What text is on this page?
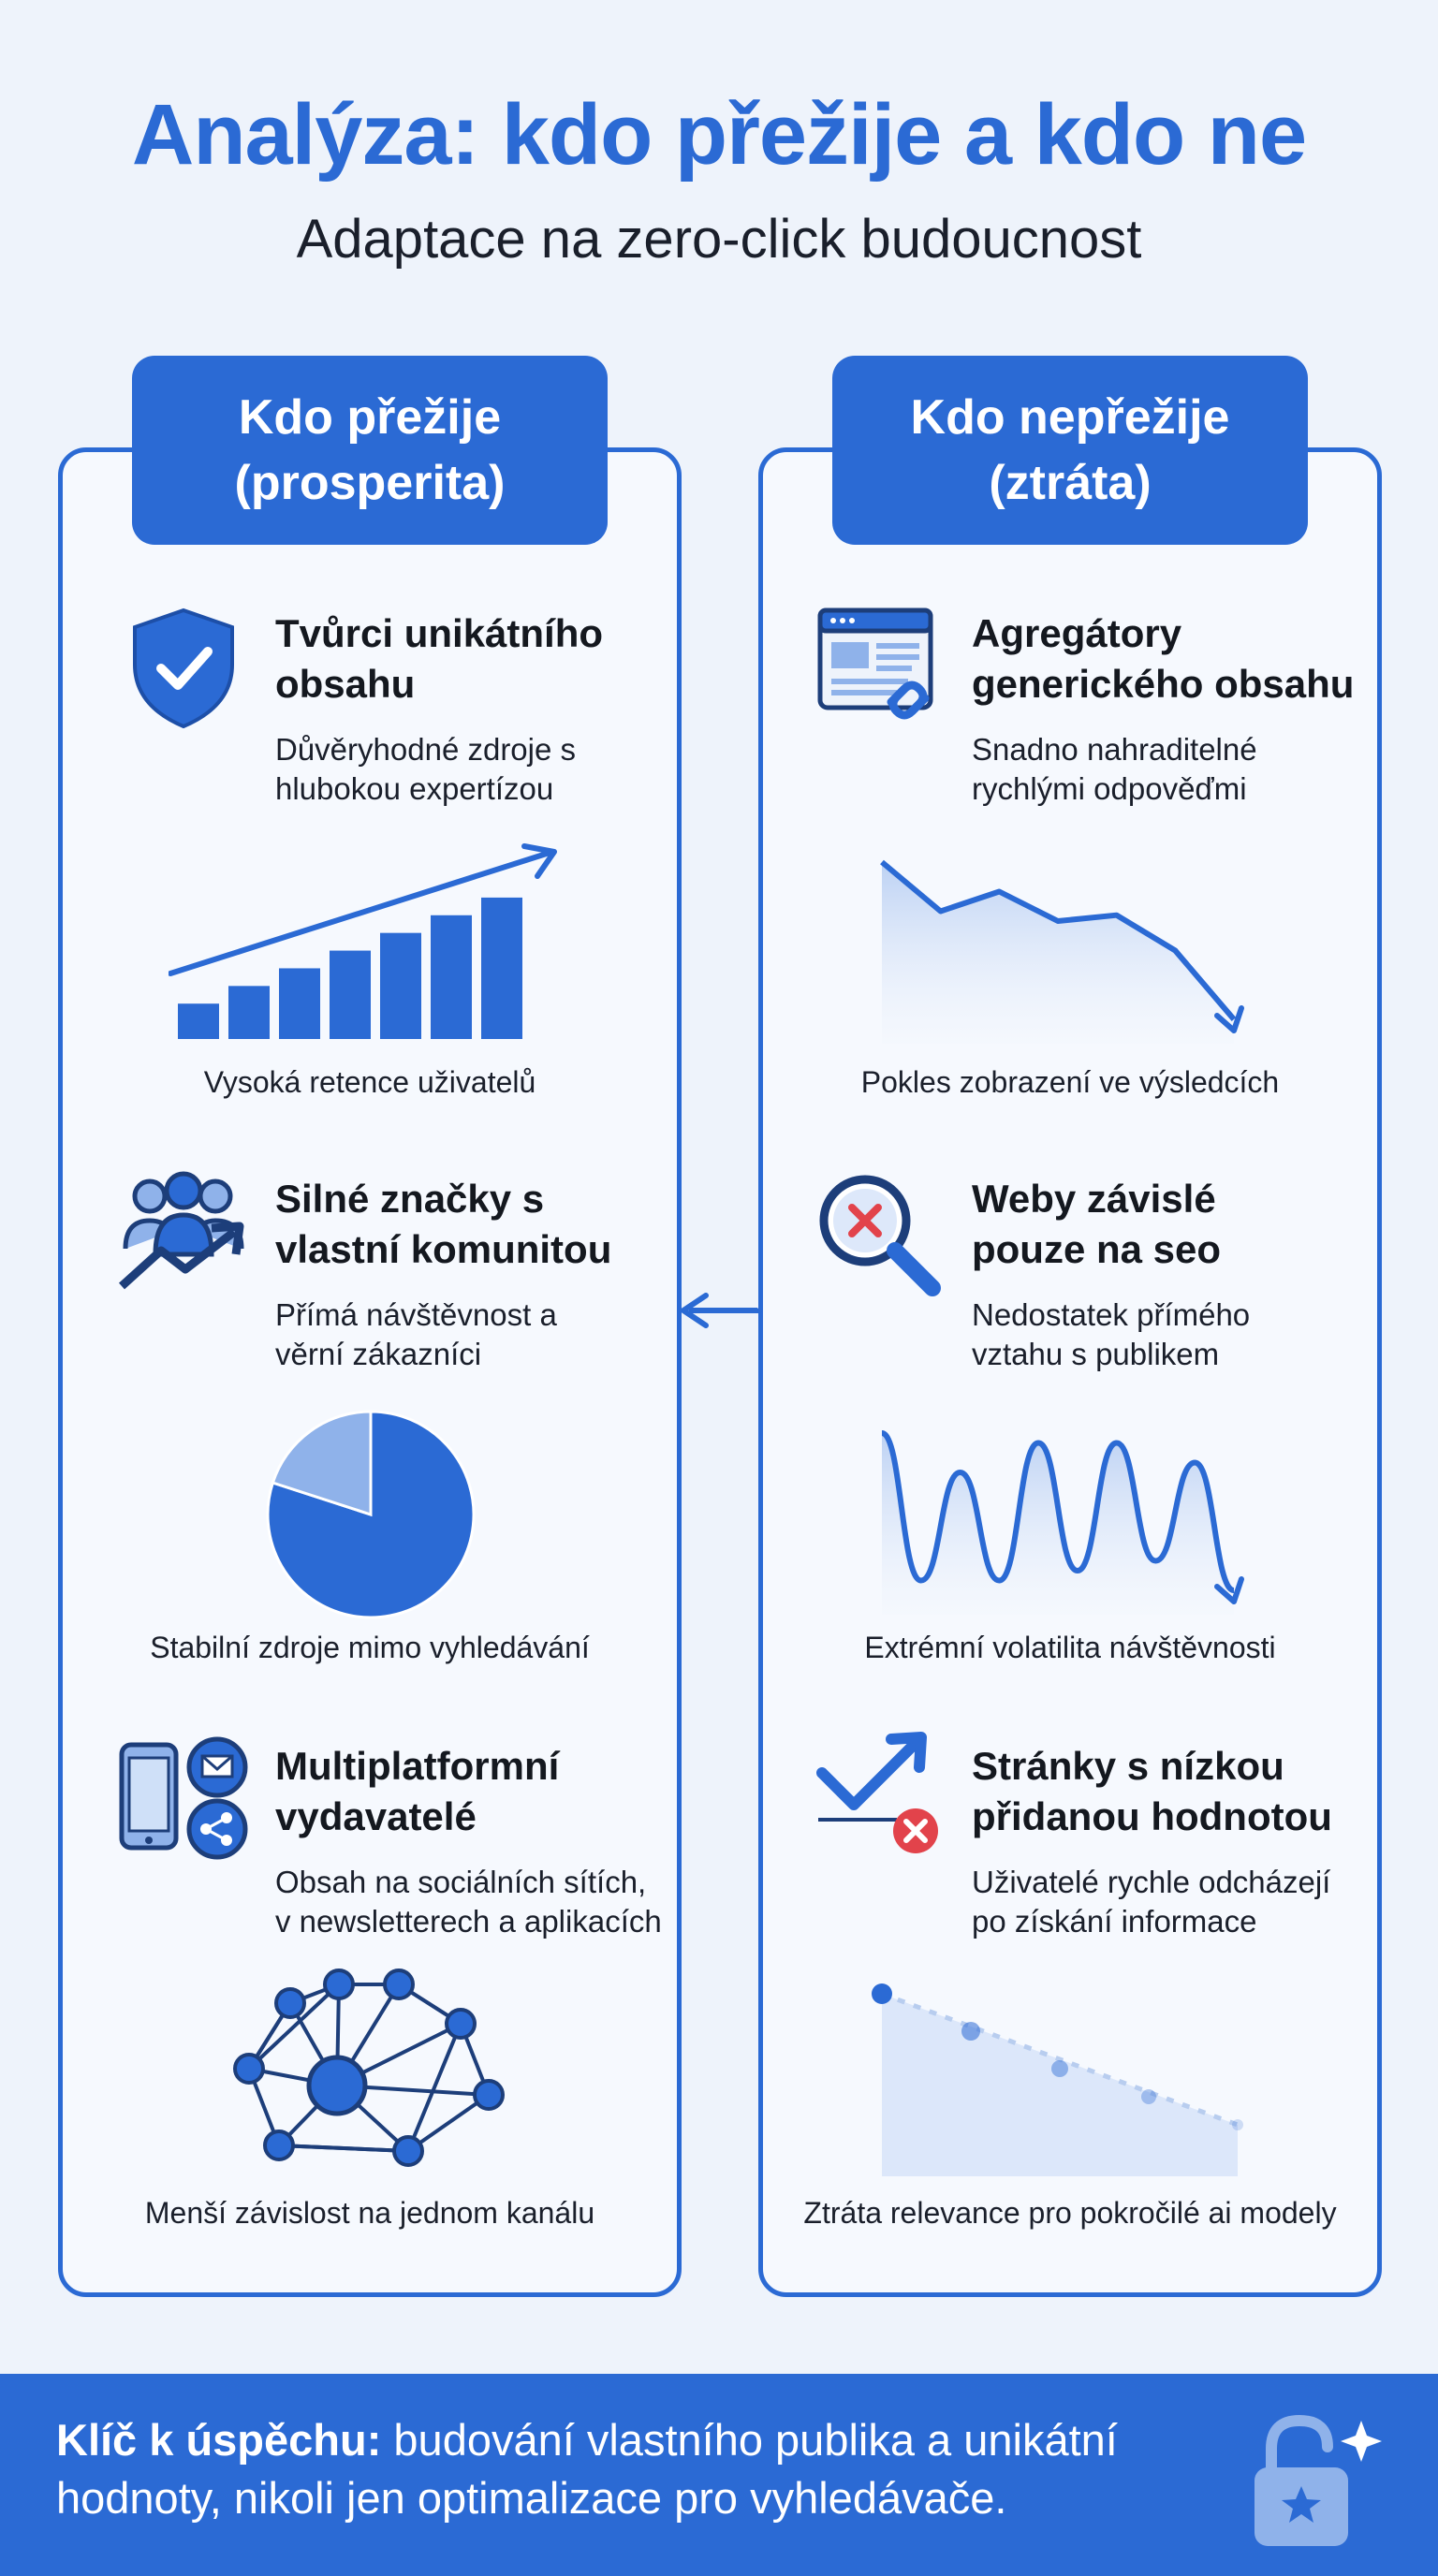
Analýza: kdo přežije a kdo ne
Adaptace na zero-click budoucnost
Kdo přežije
(prosperita)
Kdo nepřežije
(ztráta)
Tvůrci unikátního
obsahu
Důvěryhodné zdroje s
hlubokou expertízou
Vysoká retence uživatelů
Silné značky s
vlastní komunitou
Přímá návštěvnost a
věrní zákazníci
Stabilní zdroje mimo vyhledávání
Multiplatformní
vydavatelé
Obsah na sociálních sítích,
v newsletterech a aplikacích
Menší závislost na jednom kanálu
Agregátory
generického obsahu
Snadno nahraditelné
rychlými odpověďmi
Pokles zobrazení ve výsledcích
Weby závislé
pouze na seo
Nedostatek přímého
vztahu s publikem
Extrémní volatilita návštěvnosti
Stránky s nízkou
přidanou hodnotou
Uživatelé rychle odcházejí
po získání informace
Ztráta relevance pro pokročilé ai modely
Klíč k úspěchu: budování vlastního publika a unikátní
hodnoty, nikoli jen optimalizace pro vyhledávače.
